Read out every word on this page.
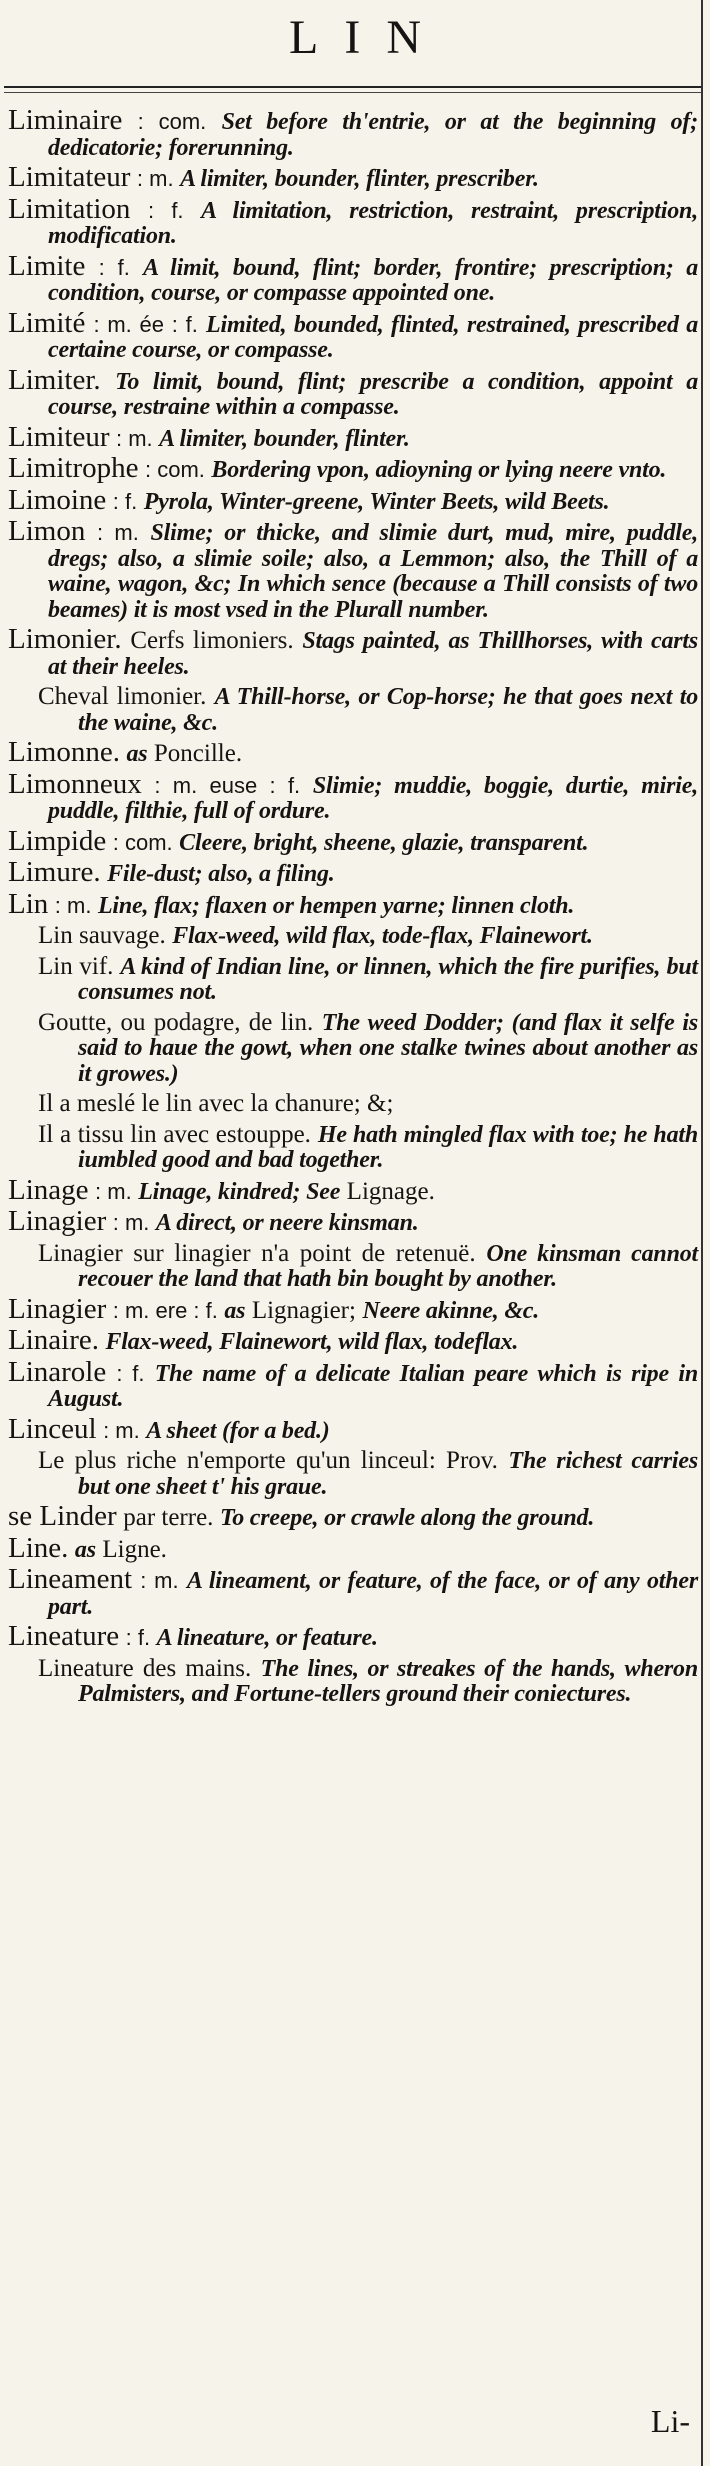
LIN

Liminaire : com. Set before th'entrie, or at the beginning of; dedicatorie; forerunning.

Limitateur : m. A limiter, bounder, flinter, prescriber.

Limitation : f. A limitation, restriction, restraint, prescription, modification.

Limite : f. A limit, bound, flint; border, frontire; prescription; a condition, course, or compasse appointed one.

Limité : m. ée : f. Limited, bounded, flinted, restrained, prescribed a certaine course, or compasse.

Limiter. To limit, bound, flint; prescribe a condition, appoint a course, restraine within a compasse.

Limiteur : m. A limiter, bounder, flinter.

Limitrophe : com. Bordering vpon, adioyning or lying neere vnto.

Limoine : f. Pyrola, Winter-greene, Winter Beets, wild Beets.

Limon : m. Slime; or thicke, and slimie durt, mud, mire, puddle, dregs; also, a slimie soile; also, a Lemmon; also, the Thill of a waine, wagon, &c; In which sence (because a Thill consists of two beames) it is most vsed in the Plurall number.

Limonier. Cerfs limoniers. Stags painted, as Thillhorses, with carts at their heeles.

Cheval limonier. A Thill-horse, or Cop-horse; he that goes next to the waine, &c.

Limonne. as Poncille.

Limonneux : m. euse : f. Slimie; muddie, boggie, durtie, mirie, puddle, filthie, full of ordure.

Limpide : com. Cleere, bright, sheene, glazie, transparent.

Limure. File-dust; also, a filing.

Lin : m. Line, flax; flaxen or hempen yarne; linnen cloth.

Lin sauvage. Flax-weed, wild flax, tode-flax, Flainewort.

Lin vif. A kind of Indian line, or linnen, which the fire purifies, but consumes not.

Goutte, ou podagre, de lin. The weed Dodder; (and flax it selfe is said to haue the gowt, when one stalke twines about another as it growes.)

Il a meslé le lin avec la chanure; &;

Il a tissu lin avec estouppe. He hath mingled flax with toe; he hath iumbled good and bad together.

Linage : m. Linage, kindred; See Lignage.

Linagier : m. A direct, or neere kinsman.

Linagier sur linagier n'a point de retenuë. One kinsman cannot recouer the land that hath bin bought by another.

Linagier : m. ere : f. as Lignagier; Neere akinne, &c.

Linaire. Flax-weed, Flainewort, wild flax, todeflax.

Linarole : f. The name of a delicate Italian peare which is ripe in August.

Linceul : m. A sheet (for a bed.)

Le plus riche n'emporte qu'un linceul: Prov. The richest carries but one sheet t' his graue.

se Linder par terre. To creepe, or crawle along the ground.

Line. as Ligne.

Lineament : m. A lineament, or feature, of the face, or of any other part.

Lineature : f. A lineature, or feature.

Lineature des mains. The lines, or streakes of the hands, wheron Palmisters, and Fortune-tellers ground their coniectures.

Li-
